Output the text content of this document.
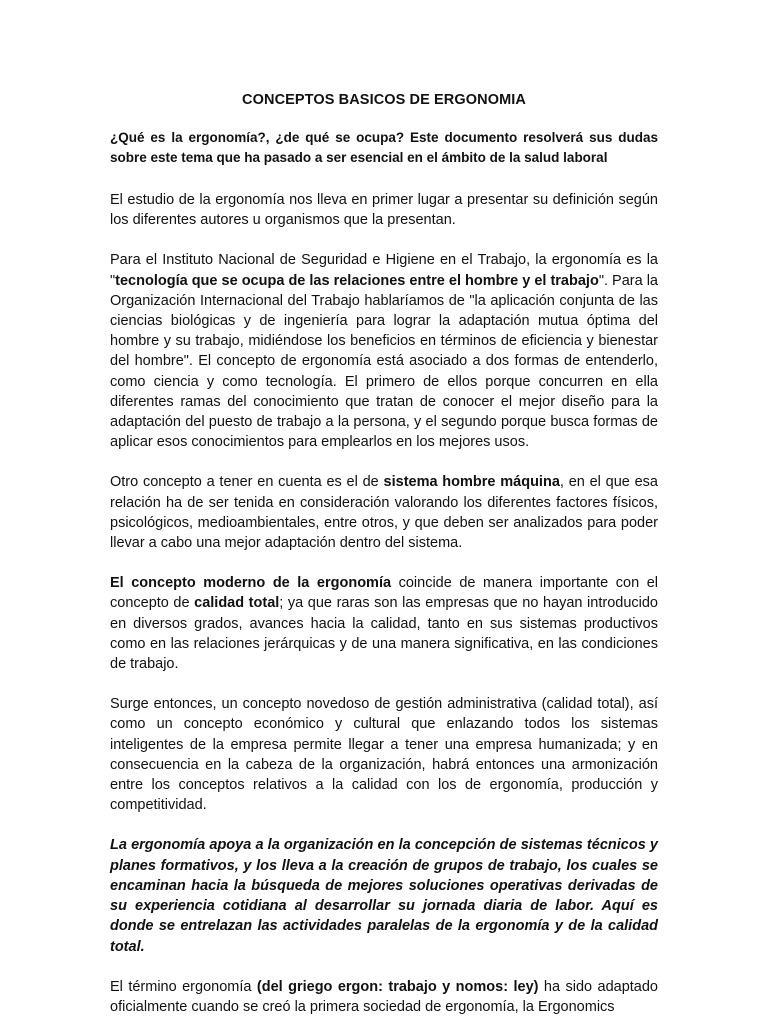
CONCEPTOS BASICOS DE ERGONOMIA

¿Qué es la ergonomía?, ¿de qué se ocupa? Este documento resolverá sus dudas sobre este tema que ha pasado a ser esencial en el ámbito de la salud laboral

El estudio de la ergonomía nos lleva en primer lugar a presentar su definición según los diferentes autores u organismos que la presentan.

Para el Instituto Nacional de Seguridad e Higiene en el Trabajo, la ergonomía es la "tecnología que se ocupa de las relaciones entre el hombre y el trabajo". Para la Organización Internacional del Trabajo hablaríamos de "la aplicación conjunta de las ciencias biológicas y de ingeniería para lograr la adaptación mutua óptima del hombre y su trabajo, midiéndose los beneficios en términos de eficiencia y bienestar del hombre". El concepto de ergonomía está asociado a dos formas de entenderlo, como ciencia y como tecnología. El primero de ellos porque concurren en ella diferentes ramas del conocimiento que tratan de conocer el mejor diseño para la adaptación del puesto de trabajo a la persona, y el segundo porque busca formas de aplicar esos conocimientos para emplearlos en los mejores usos.

Otro concepto a tener en cuenta es el de sistema hombre máquina, en el que esa relación ha de ser tenida en consideración valorando los diferentes factores físicos, psicológicos, medioambientales, entre otros, y que deben ser analizados para poder llevar a cabo una mejor adaptación dentro del sistema.

El concepto moderno de la ergonomía coincide de manera importante con el concepto de calidad total; ya que raras son las empresas que no hayan introducido en diversos grados, avances hacia la calidad, tanto en sus sistemas productivos como en las relaciones jerárquicas y de una manera significativa, en las condiciones de trabajo.

Surge entonces, un concepto novedoso de gestión administrativa (calidad total), así como un concepto económico y cultural que enlazando todos los sistemas inteligentes de la empresa permite llegar a tener una empresa humanizada; y en consecuencia en la cabeza de la organización, habrá entonces una armonización entre los conceptos relativos a la calidad con los de ergonomía, producción y competitividad.

La ergonomía apoya a la organización en la concepción de sistemas técnicos y planes formativos, y los lleva a la creación de grupos de trabajo, los cuales se encaminan hacia la búsqueda de mejores soluciones operativas derivadas de su experiencia cotidiana al desarrollar su jornada diaria de labor. Aquí es donde se entrelazan las actividades paralelas de la ergonomía y de la calidad total.

El término ergonomía (del griego ergon: trabajo y nomos: ley) ha sido adaptado oficialmente cuando se creó la primera sociedad de ergonomía, la Ergonomics
